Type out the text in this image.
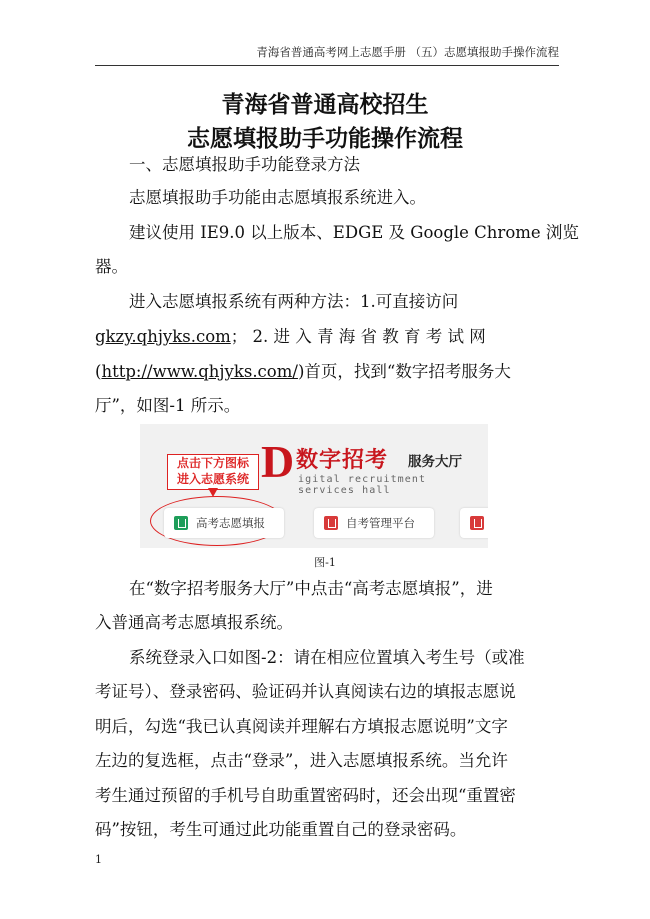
青海省普通高考网上志愿手册 （五）志愿填报助手操作流程
青海省普通高校招生
志愿填报助手功能操作流程
一、志愿填报助手功能登录方法
志愿填报助手功能由志愿填报系统进入。
建议使用 IE9.0 以上版本、EDGE 及 Google Chrome 浏览
器。
进入志愿填报系统有两种方法：1.可直接访问
gkzy.qhjyks.com； 2. 进 入 青 海 省 教 育 考 试 网
(http://www.qhjyks.com/)首页，找到“数字招考服务大
厅”，如图-1 所示。
点击下方图标
进入志愿系统 D 数字招考 服务大厅
igital recruitment services hall
高考志愿填报	自考管理平台
图-1
在“数字招考服务大厅”中点击“高考志愿填报”，进
入普通高考志愿填报系统。
系统登录入口如图-2：请在相应位置填入考生号（或准
考证号）、登录密码、验证码并认真阅读右边的填报志愿说
明后，勾选“我已认真阅读并理解右方填报志愿说明”文字
左边的复选框，点击“登录”，进入志愿填报系统。当允许
考生通过预留的手机号自助重置密码时，还会出现“重置密
码”按钮，考生可通过此功能重置自己的登录密码。
1
